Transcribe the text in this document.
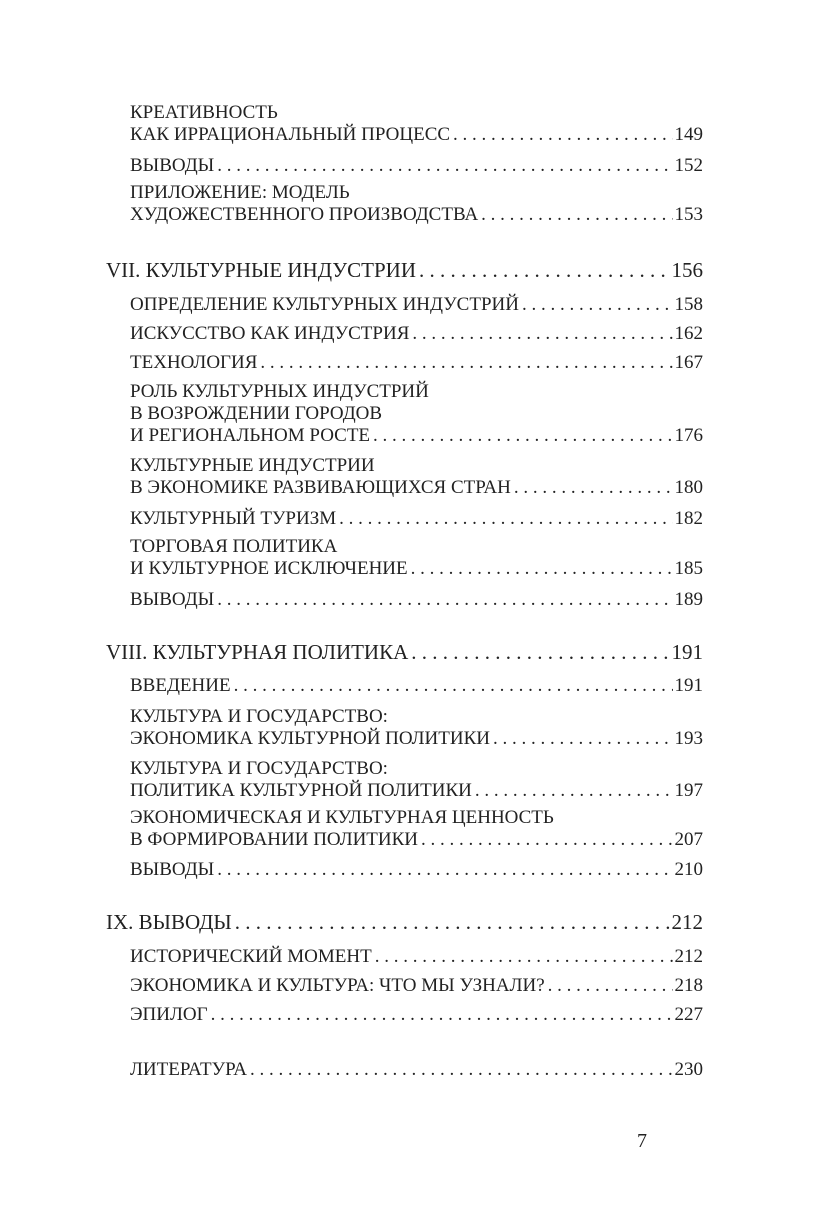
КРЕАТИВНОСТЬ
КАК ИРРАЦИОНАЛЬНЫЙ ПРОЦЕСС . . .	149
ВЫВОДЫ . . .	152
ПРИЛОЖЕНИЕ: МОДЕЛЬ
ХУДОЖЕСТВЕННОГО ПРОИЗВОДСТВА . . .	153
VII. КУЛЬТУРНЫЕ ИНДУСТРИИ . . .	156
ОПРЕДЕЛЕНИЕ КУЛЬТУРНЫХ ИНДУСТРИЙ . . .	158
ИСКУССТВО КАК ИНДУСТРИЯ . . .	162
ТЕХНОЛОГИЯ . . .	167
РОЛЬ КУЛЬТУРНЫХ ИНДУСТРИЙ
В ВОЗРОЖДЕНИИ ГОРОДОВ
И РЕГИОНАЛЬНОМ РОСТЕ . . .	176
КУЛЬТУРНЫЕ ИНДУСТРИИ
В ЭКОНОМИКЕ РАЗВИВАЮЩИХСЯ СТРАН . . .	180
КУЛЬТУРНЫЙ ТУРИЗМ . . .	182
ТОРГОВАЯ ПОЛИТИКА
И КУЛЬТУРНОЕ ИСКЛЮЧЕНИЕ . . .	185
ВЫВОДЫ . . .	189
VIII. КУЛЬТУРНАЯ ПОЛИТИКА . . .	191
ВВЕДЕНИЕ . . .	191
КУЛЬТУРА И ГОСУДАРСТВО:
ЭКОНОМИКА КУЛЬТУРНОЙ ПОЛИТИКИ . . .	193
КУЛЬТУРА И ГОСУДАРСТВО:
ПОЛИТИКА КУЛЬТУРНОЙ ПОЛИТИКИ . . .	197
ЭКОНОМИЧЕСКАЯ И КУЛЬТУРНАЯ ЦЕННОСТЬ
В ФОРМИРОВАНИИ ПОЛИТИКИ . . .	207
ВЫВОДЫ . . .	210
IX. ВЫВОДЫ . . .	212
ИСТОРИЧЕСКИЙ МОМЕНТ . . .	212
ЭКОНОМИКА И КУЛЬТУРА: ЧТО МЫ УЗНАЛИ? . . .	218
ЭПИЛОГ . . .	227
ЛИТЕРАТУРА . . .	230
7
